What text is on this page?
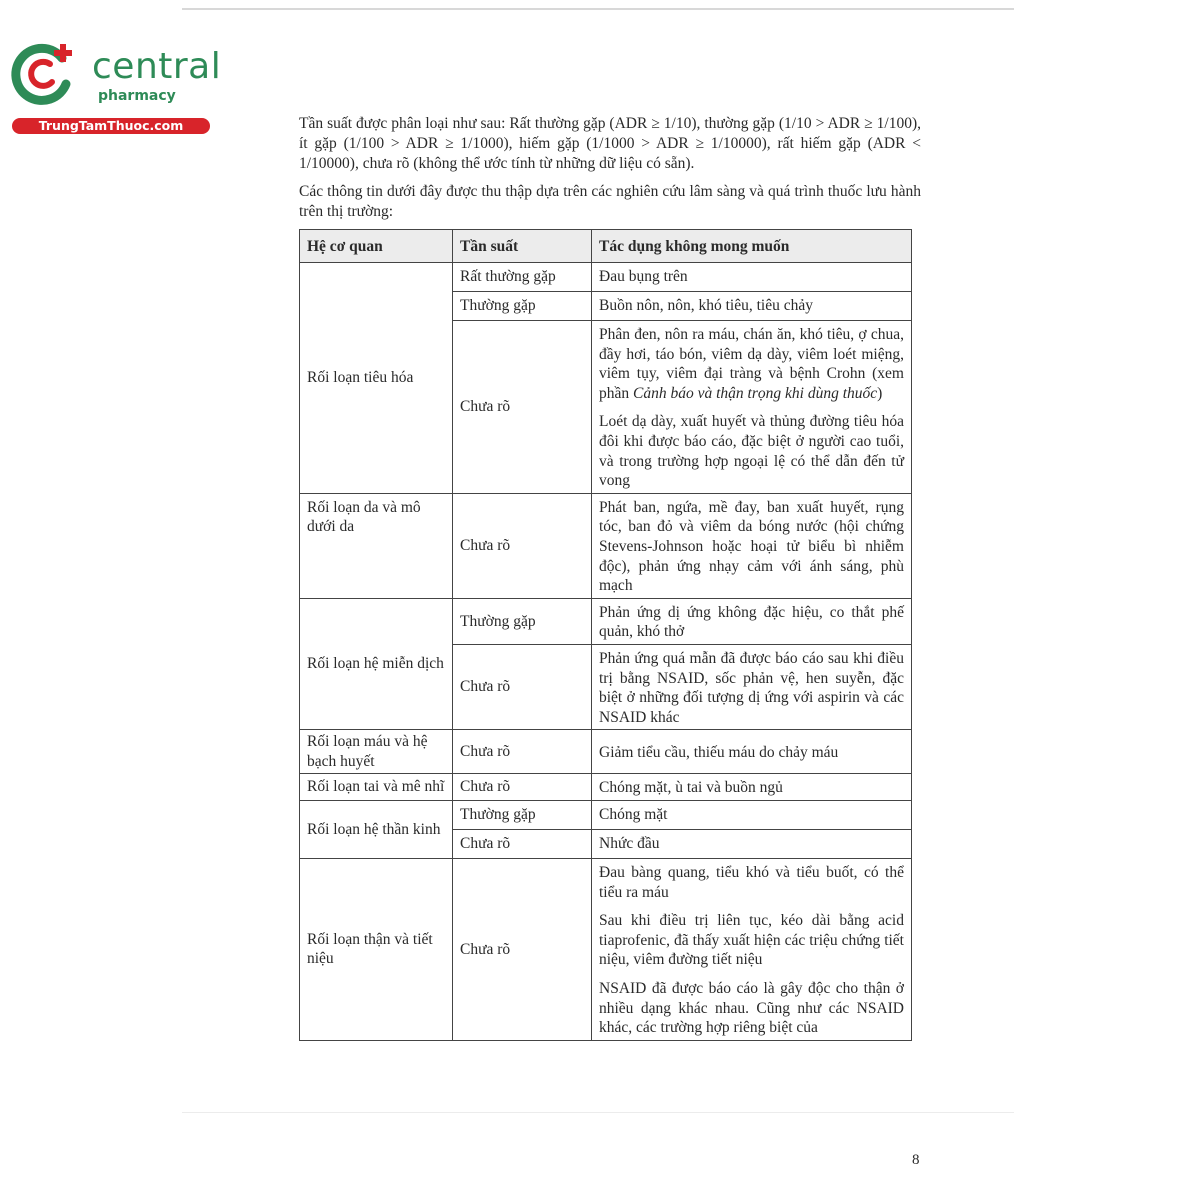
central
pharmacy
TrungTamThuoc.com	Tần suất được phân loại như sau: Rất thường gặp (ADR ≥ 1/10), thường gặp (1/10 > ADR ≥ 1/100), ít gặp (1/100 > ADR ≥ 1/1000), hiếm gặp (1/1000 > ADR ≥ 1/10000), rất hiếm gặp (ADR < 1/10000), chưa rõ (không thể ước tính từ những dữ liệu có sẵn).

Các thông tin dưới đây được thu thập dựa trên các nghiên cứu lâm sàng và quá trình thuốc lưu hành trên thị trường:

Hệ cơ quan	Tần suất	Tác dụng không mong muốn
Rối loạn tiêu hóa	Rất thường gặp	Đau bụng trên
	Thường gặp	Buồn nôn, nôn, khó tiêu, tiêu chảy
	Chưa rõ	Phân đen, nôn ra máu, chán ăn, khó tiêu, ợ chua, đầy hơi, táo bón, viêm dạ dày, viêm loét miệng, viêm tụy, viêm đại tràng và bệnh Crohn (xem phần Cảnh báo và thận trọng khi dùng thuốc)
Loét dạ dày, xuất huyết và thủng đường tiêu hóa đôi khi được báo cáo, đặc biệt ở người cao tuổi, và trong trường hợp ngoại lệ có thể dẫn đến tử vong

Rối loạn da và mô dưới da	Chưa rõ	Phát ban, ngứa, mề đay, ban xuất huyết, rụng tóc, ban đỏ và viêm da bóng nước (hội chứng Stevens-Johnson hoặc hoại tử biểu bì nhiễm độc), phản ứng nhạy cảm với ánh sáng, phù mạch
Rối loạn hệ miễn dịch	Thường gặp	Phản ứng dị ứng không đặc hiệu, co thắt phế quản, khó thở
	Chưa rõ	Phản ứng quá mẫn đã được báo cáo sau khi điều trị bằng NSAID, sốc phản vệ, hen suyễn, đặc biệt ở những đối tượng dị ứng với aspirin và các NSAID khác
Rối loạn máu và hệ bạch huyết	Chưa rõ	Giảm tiểu cầu, thiếu máu do chảy máu
Rối loạn tai và mê nhĩ	Chưa rõ	Chóng mặt, ù tai và buồn ngủ
Rối loạn hệ thần kinh	Thường gặp	Chóng mặt
	Chưa rõ	Nhức đầu
Rối loạn thận và tiết niệu	Chưa rõ	Đau bàng quang, tiểu khó và tiểu buốt, có thể tiểu ra máu
Sau khi điều trị liên tục, kéo dài bằng acid tiaprofenic, đã thấy xuất hiện các triệu chứng tiết niệu, viêm đường tiết niệu
NSAID đã được báo cáo là gây độc cho thận ở nhiều dạng khác nhau. Cũng như các NSAID khác, các trường hợp riêng biệt của
8
